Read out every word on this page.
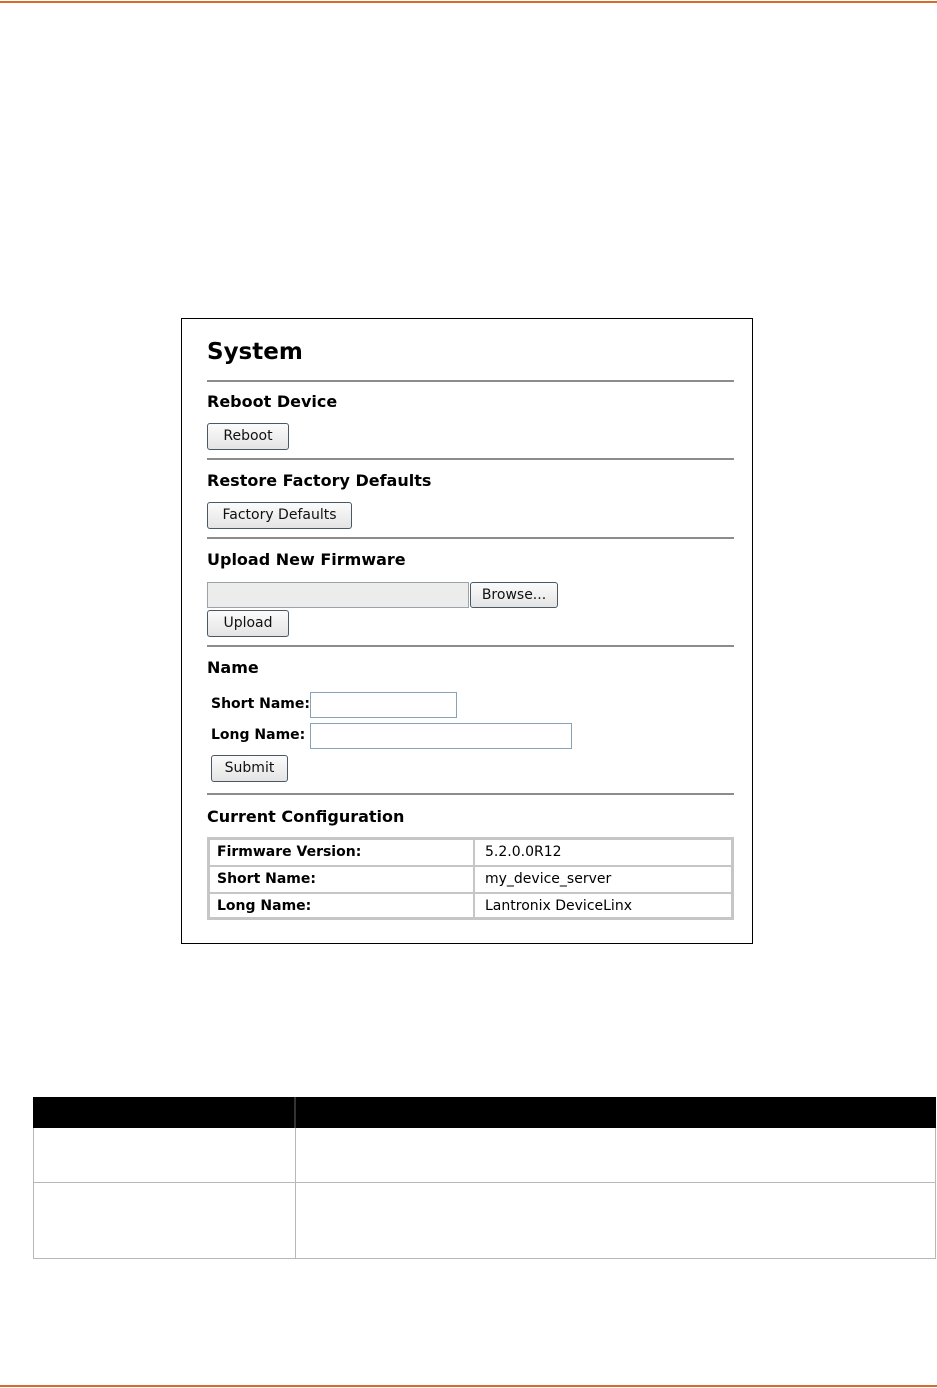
System
Reboot Device
Reboot
Restore Factory Defaults
Factory Defaults
Upload New Firmware
Browse...
Upload
Name
Short Name:
Long Name:
Submit
Current Configuration
Firmware Version:	5.2.0.0R12
Short Name:	my_device_server
Long Name:	Lantronix DeviceLinx
